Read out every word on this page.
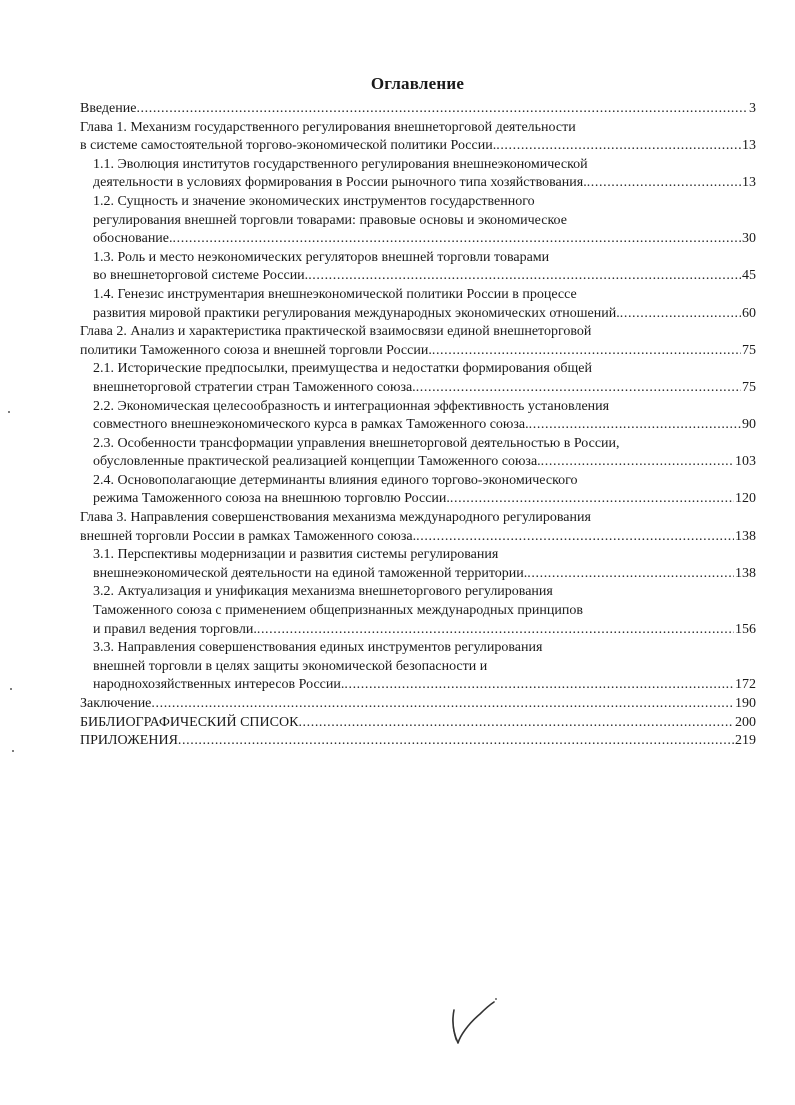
Оглавление
Введение .....	3
Глава 1. Механизм государственного регулирования внешнеторговой деятельности
в системе самостоятельной торгово-экономической политики России. .....	13
1.1. Эволюция институтов государственного регулирования внешнеэкономической
деятельности в условиях формирования в России рыночного типа хозяйствования. .....	13
1.2. Сущность и значение экономических инструментов государственного
регулирования внешней торговли товарами: правовые основы и экономическое
обоснование. .....	30
1.3. Роль и место неэкономических регуляторов внешней торговли товарами
во внешнеторговой системе России. .....	45
1.4. Генезис инструментария внешнеэкономической политики России в процессе
развития мировой практики регулирования международных экономических отношений. .....	60
Глава 2. Анализ и характеристика практической взаимосвязи единой внешнеторговой
политики Таможенного союза и внешней торговли России. .....	75
2.1. Исторические предпосылки, преимущества и недостатки формирования общей
внешнеторговой стратегии стран Таможенного союза. .....	75
2.2. Экономическая целесообразность и интеграционная эффективность установления
совместного внешнеэкономического курса в рамках Таможенного союза. .....	90
2.3. Особенности трансформации управления внешнеторговой деятельностью в России,
обусловленные практической реализацией концепции Таможенного союза. .....	103
2.4. Основополагающие детерминанты влияния единого торгово-экономического
режима Таможенного союза на внешнюю торговлю России. .....	120
Глава 3. Направления совершенствования механизма международного регулирования
внешней торговли России в рамках Таможенного союза. .....	138
3.1. Перспективы модернизации и развития системы регулирования
внешнеэкономической деятельности на единой таможенной территории. .....	138
3.2. Актуализация и унификация механизма внешнеторгового регулирования
Таможенного союза с применением общепризнанных международных принципов
и правил ведения торговли. .....	156
3.3. Направления совершенствования единых инструментов регулирования
внешней торговли в целях защиты экономической безопасности и
народнохозяйственных интересов России. .....	172
Заключение .....	190
БИБЛИОГРАФИЧЕСКИЙ СПИСОК .....	200
ПРИЛОЖЕНИЯ .....	219
